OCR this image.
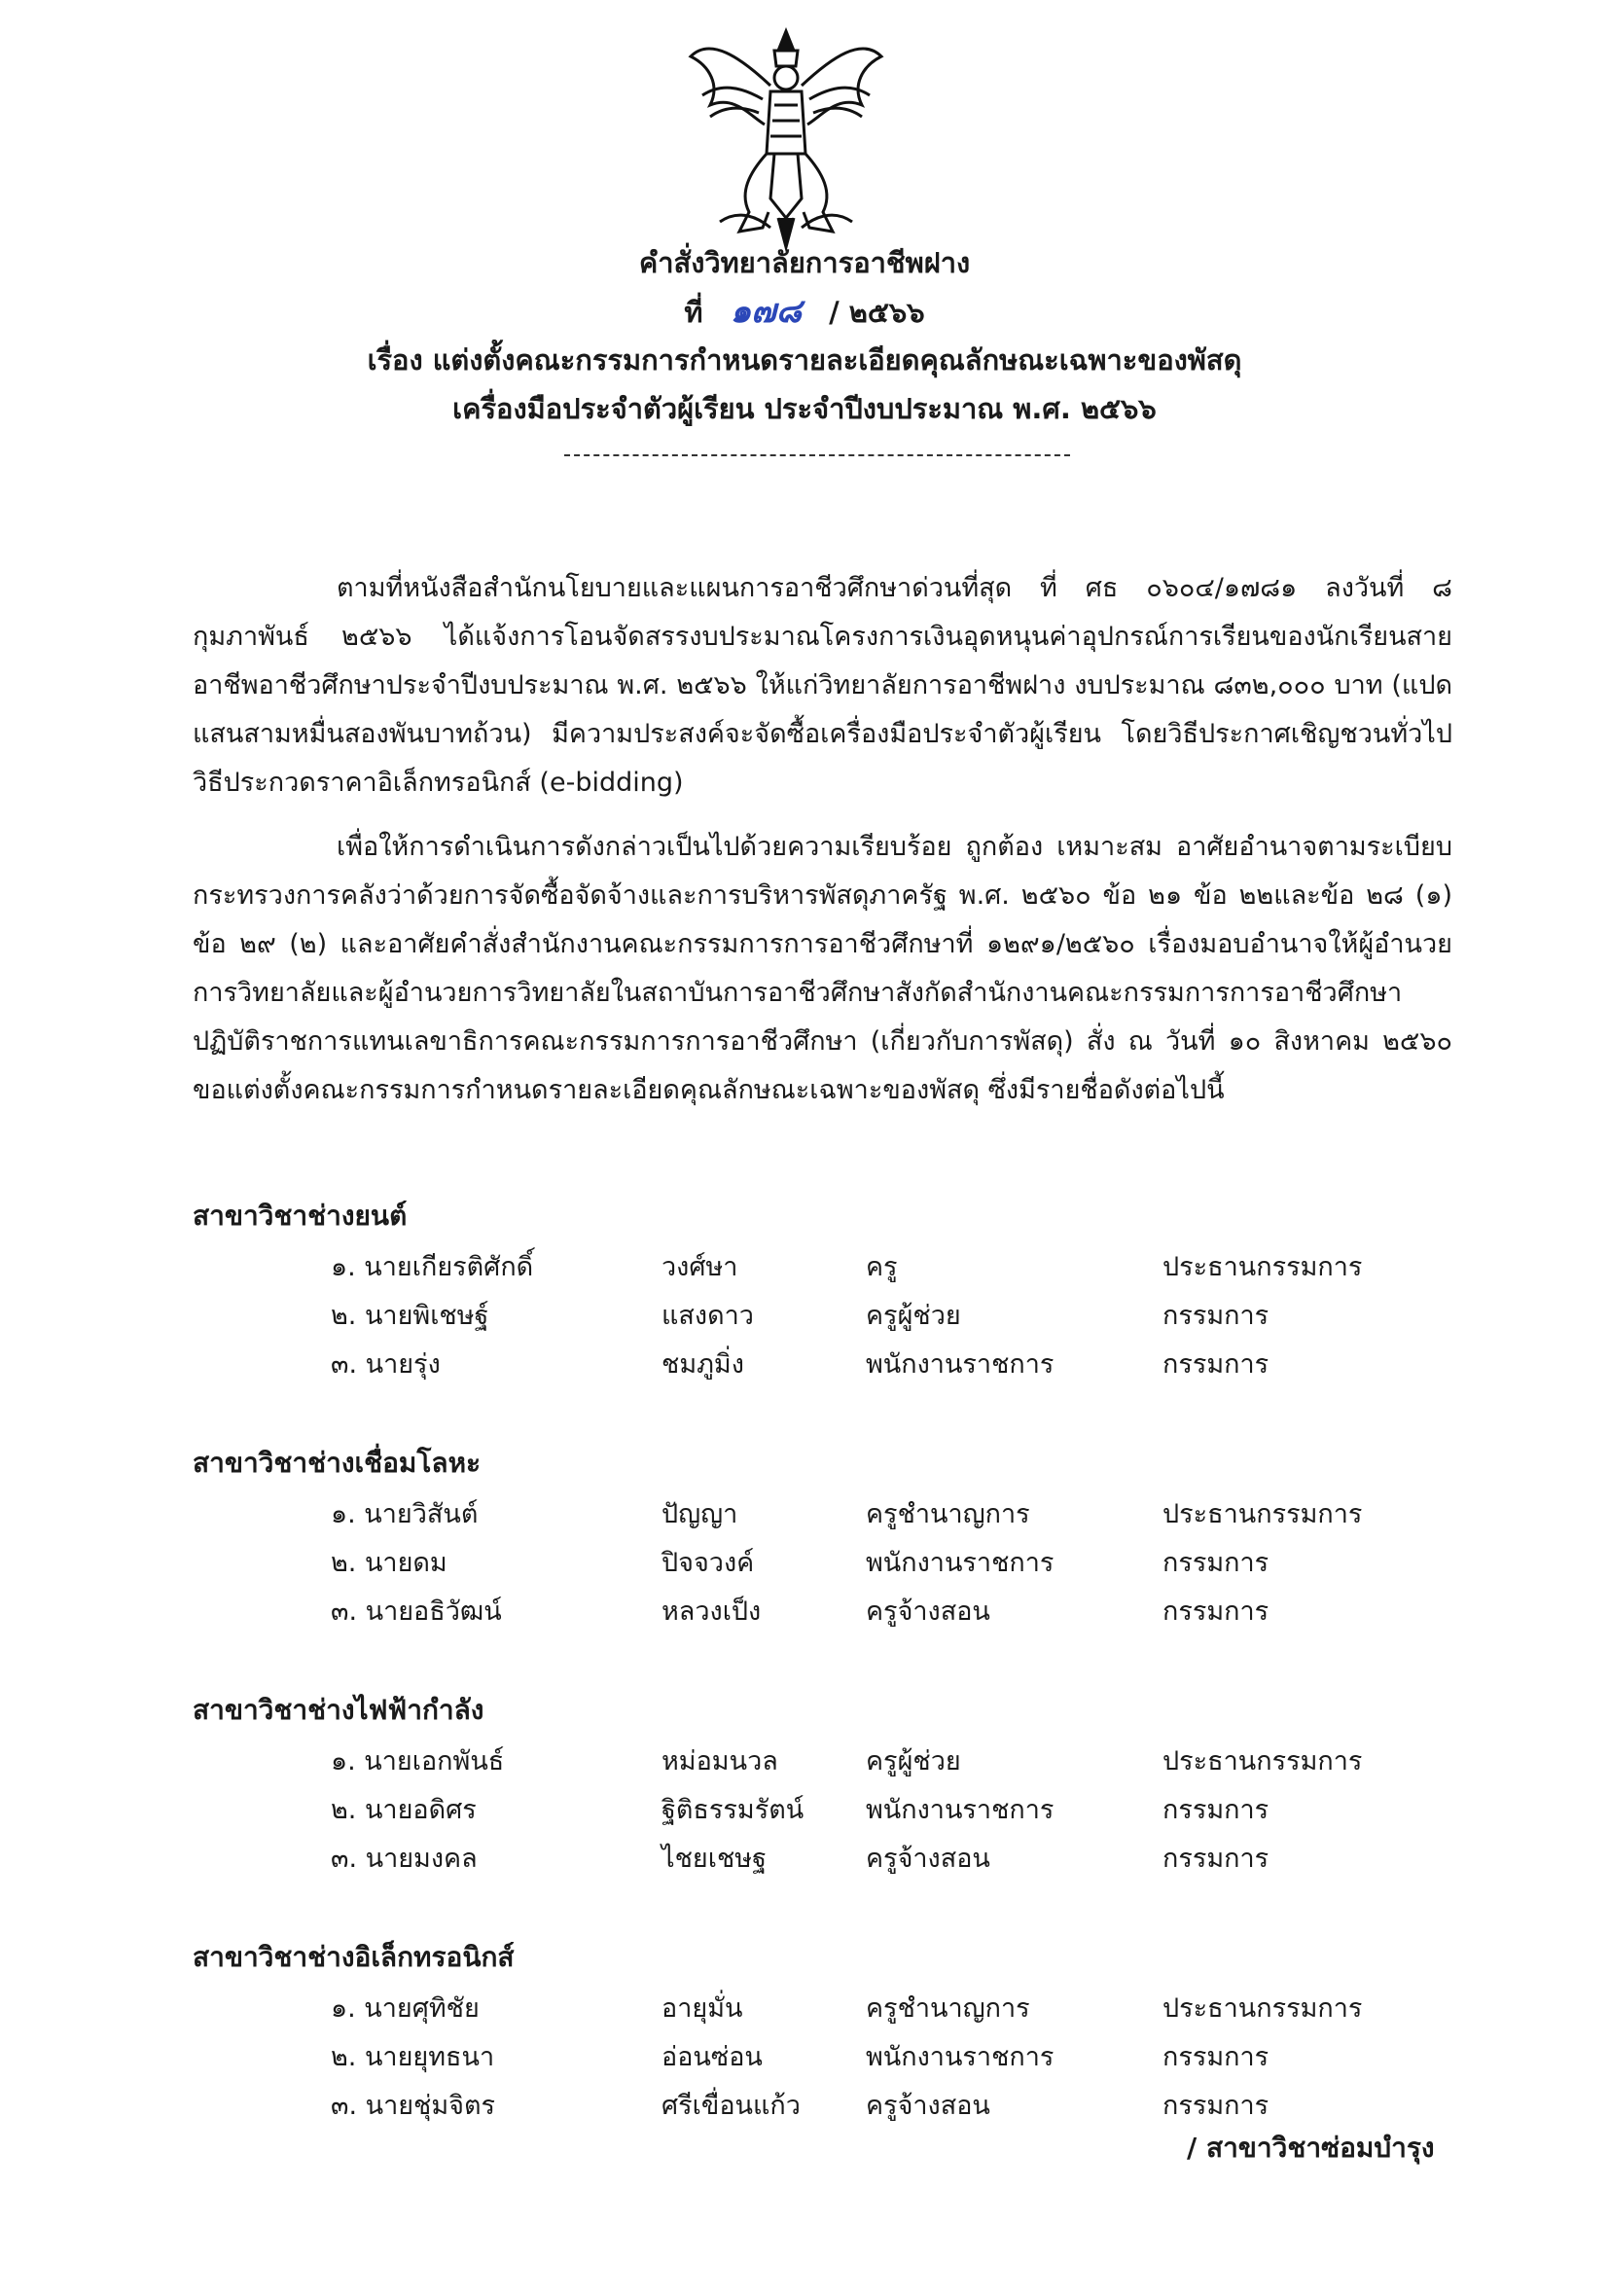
คำสั่งวิทยาลัยการอาชีพฝาง
ที่ ๑๗๘ / ๒๕๖๖
เรื่อง แต่งตั้งคณะกรรมการกำหนดรายละเอียดคุณลักษณะเฉพาะของพัสดุ
เครื่องมือประจำตัวผู้เรียน ประจำปีงบประมาณ พ.ศ. ๒๕๖๖
ตามที่หนังสือสำนักนโยบายและแผนการอาชีวศึกษาด่วนที่สุด ที่ ศธ ๐๖๐๔/๑๗๘๑ ลงวันที่ ๘ กุมภาพันธ์ ๒๕๖๖ ได้แจ้งการโอนจัดสรรงบประมาณโครงการเงินอุดหนุนค่าอุปกรณ์การเรียนของนักเรียนสายอาชีพอาชีวศึกษาประจำปีงบประมาณ พ.ศ. ๒๕๖๖ ให้แก่วิทยาลัยการอาชีพฝาง งบประมาณ ๘๓๒,๐๐๐ บาท (แปดแสนสามหมื่นสองพันบาทถ้วน) มีความประสงค์จะจัดซื้อเครื่องมือประจำตัวผู้เรียน โดยวิธีประกาศเชิญชวนทั่วไป วิธีประกวดราคาอิเล็กทรอนิกส์ (e-bidding)
เพื่อให้การดำเนินการดังกล่าวเป็นไปด้วยความเรียบร้อย ถูกต้อง เหมาะสม อาศัยอำนาจตามระเบียบกระทรวงการคลังว่าด้วยการจัดซื้อจัดจ้างและการบริหารพัสดุภาครัฐ พ.ศ. ๒๕๖๐ ข้อ ๒๑ ข้อ ๒๒และข้อ ๒๘ (๑) ข้อ ๒๙ (๒) และอาศัยคำสั่งสำนักงานคณะกรรมการการอาชีวศึกษาที่ ๑๒๙๑/๒๕๖๐ เรื่องมอบอำนาจให้ผู้อำนวยการวิทยาลัยและผู้อำนวยการวิทยาลัยในสถาบันการอาชีวศึกษาสังกัดสำนักงานคณะกรรมการการอาชีวศึกษา ปฏิบัติราชการแทนเลขาธิการคณะกรรมการการอาชีวศึกษา (เกี่ยวกับการพัสดุ) สั่ง ณ วันที่ ๑๐ สิงหาคม ๒๕๖๐ ขอแต่งตั้งคณะกรรมการกำหนดรายละเอียดคุณลักษณะเฉพาะของพัสดุ ซึ่งมีรายชื่อดังต่อไปนี้
สาขาวิชาช่างยนต์
๑. นายเกียรติศักดิ์	วงศ์ษา	ครู	ประธานกรรมการ
๒. นายพิเชษฐ์	แสงดาว	ครูผู้ช่วย	กรรมการ
๓. นายรุ่ง	ชมภูมิ่ง	พนักงานราชการ	กรรมการ
สาขาวิชาช่างเชื่อมโลหะ
๑. นายวิสันต์	ปัญญา	ครูชำนาญการ	ประธานกรรมการ
๒. นายดม	ปิจจวงค์	พนักงานราชการ	กรรมการ
๓. นายอธิวัฒน์	หลวงเป็ง	ครูจ้างสอน	กรรมการ
สาขาวิชาช่างไฟฟ้ากำลัง
๑. นายเอกพันธ์	หม่อมนวล	ครูผู้ช่วย	ประธานกรรมการ
๒. นายอดิศร	ฐิติธรรมรัตน์ พนักงานราชการ	กรรมการ
๓. นายมงคล	ไชยเชษฐ	ครูจ้างสอน	กรรมการ
สาขาวิชาช่างอิเล็กทรอนิกส์
๑. นายศุทิชัย	อายุมั่น	ครูชำนาญการ	ประธานกรรมการ
๒. นายยุทธนา	อ่อนซ่อน	พนักงานราชการ	กรรมการ
๓. นายชุ่มจิตร	ศรีเขื่อนแก้ว ครูจ้างสอน	กรรมการ
/ สาขาวิชาซ่อมบำรุง
